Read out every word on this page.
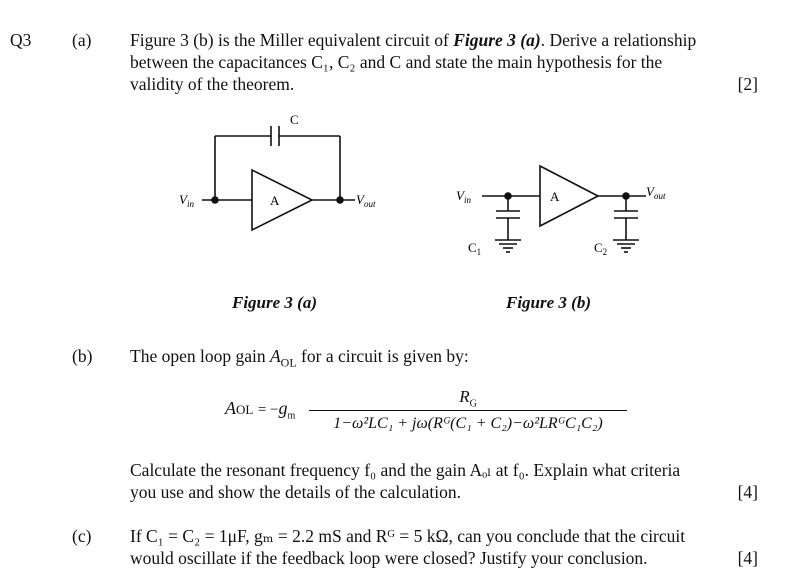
Q3 (a) Figure 3 (b) is the Miller equivalent circuit of Figure 3 (a). Derive a relationship
between the capacitances C₁, C₂ and C and state the main hypothesis for the
validity of the theorem.	[2]
C
A
$V_{in}$	$V_{out}$	A
$V_{in}$
$V_{out}$
$C_1$	$C_2$
Figure 3 (a)	Figure 3 (b)
(b) The open loop gain $A_{OL}$ for a circuit is given by:
AOL = $-g_m$
$R_G$
1−ω²LC₁ + jω(Rᴳ(C₁ + C₂)−ω²LRᴳC₁C₂)
Calculate the resonant frequency f₀ and the gain Aₒₗ at f₀. Explain what criteria
you use and show the details of the calculation.	[4]
(c) If C₁ = C₂ = 1μF, gₘ = 2.2 mS and Rᴳ = 5 kΩ, can you conclude that the circuit
would oscillate if the feedback loop were closed? Justify your conclusion.	[4]
